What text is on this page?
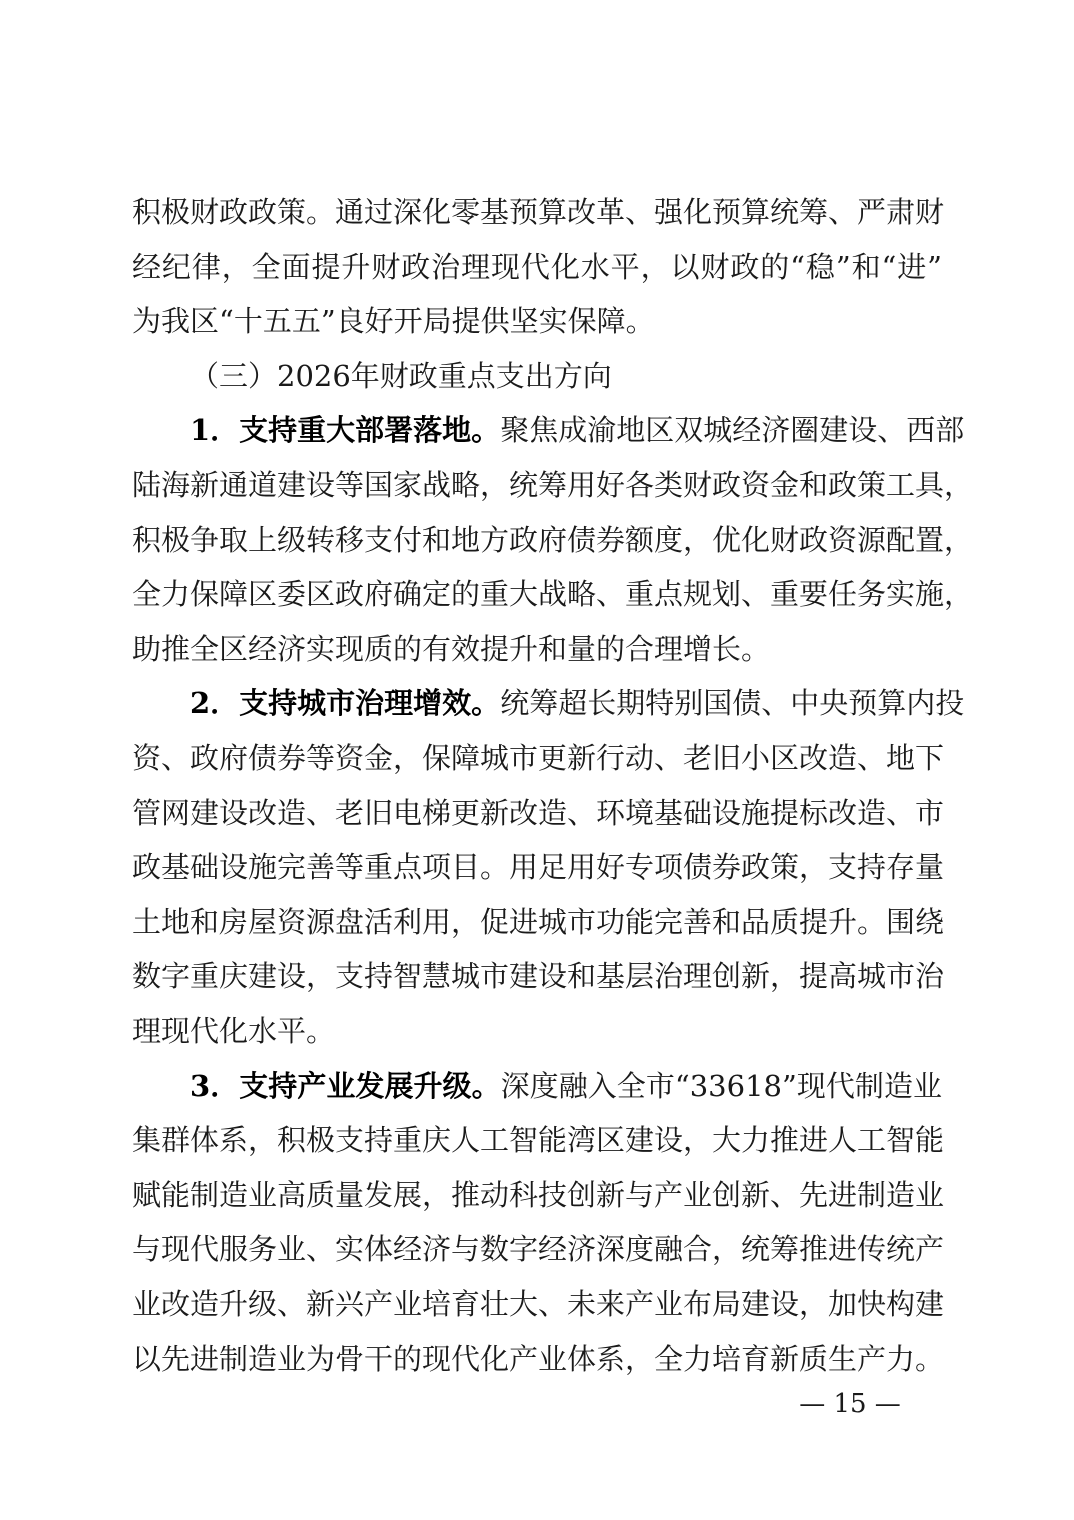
积极财政政策。通过深化零基预算改革、强化预算统筹、严肃财
经纪律，全面提升财政治理现代化水平，以财政的“稳”和“进”
为我区“十五五”良好开局提供坚实保障。
（三）2026年财政重点支出方向
1．支持重大部署落地。聚焦成渝地区双城经济圈建设、西部
陆海新通道建设等国家战略，统筹用好各类财政资金和政策工具，
积极争取上级转移支付和地方政府债券额度，优化财政资源配置，
全力保障区委区政府确定的重大战略、重点规划、重要任务实施，
助推全区经济实现质的有效提升和量的合理增长。
2．支持城市治理增效。统筹超长期特别国债、中央预算内投
资、政府债券等资金，保障城市更新行动、老旧小区改造、地下
管网建设改造、老旧电梯更新改造、环境基础设施提标改造、市
政基础设施完善等重点项目。用足用好专项债券政策，支持存量
土地和房屋资源盘活利用，促进城市功能完善和品质提升。围绕
数字重庆建设，支持智慧城市建设和基层治理创新，提高城市治
理现代化水平。
3．支持产业发展升级。深度融入全市“33618”现代制造业
集群体系，积极支持重庆人工智能湾区建设，大力推进人工智能
赋能制造业高质量发展，推动科技创新与产业创新、先进制造业
与现代服务业、实体经济与数字经济深度融合，统筹推进传统产
业改造升级、新兴产业培育壮大、未来产业布局建设，加快构建
以先进制造业为骨干的现代化产业体系，全力培育新质生产力。
— 15 —
